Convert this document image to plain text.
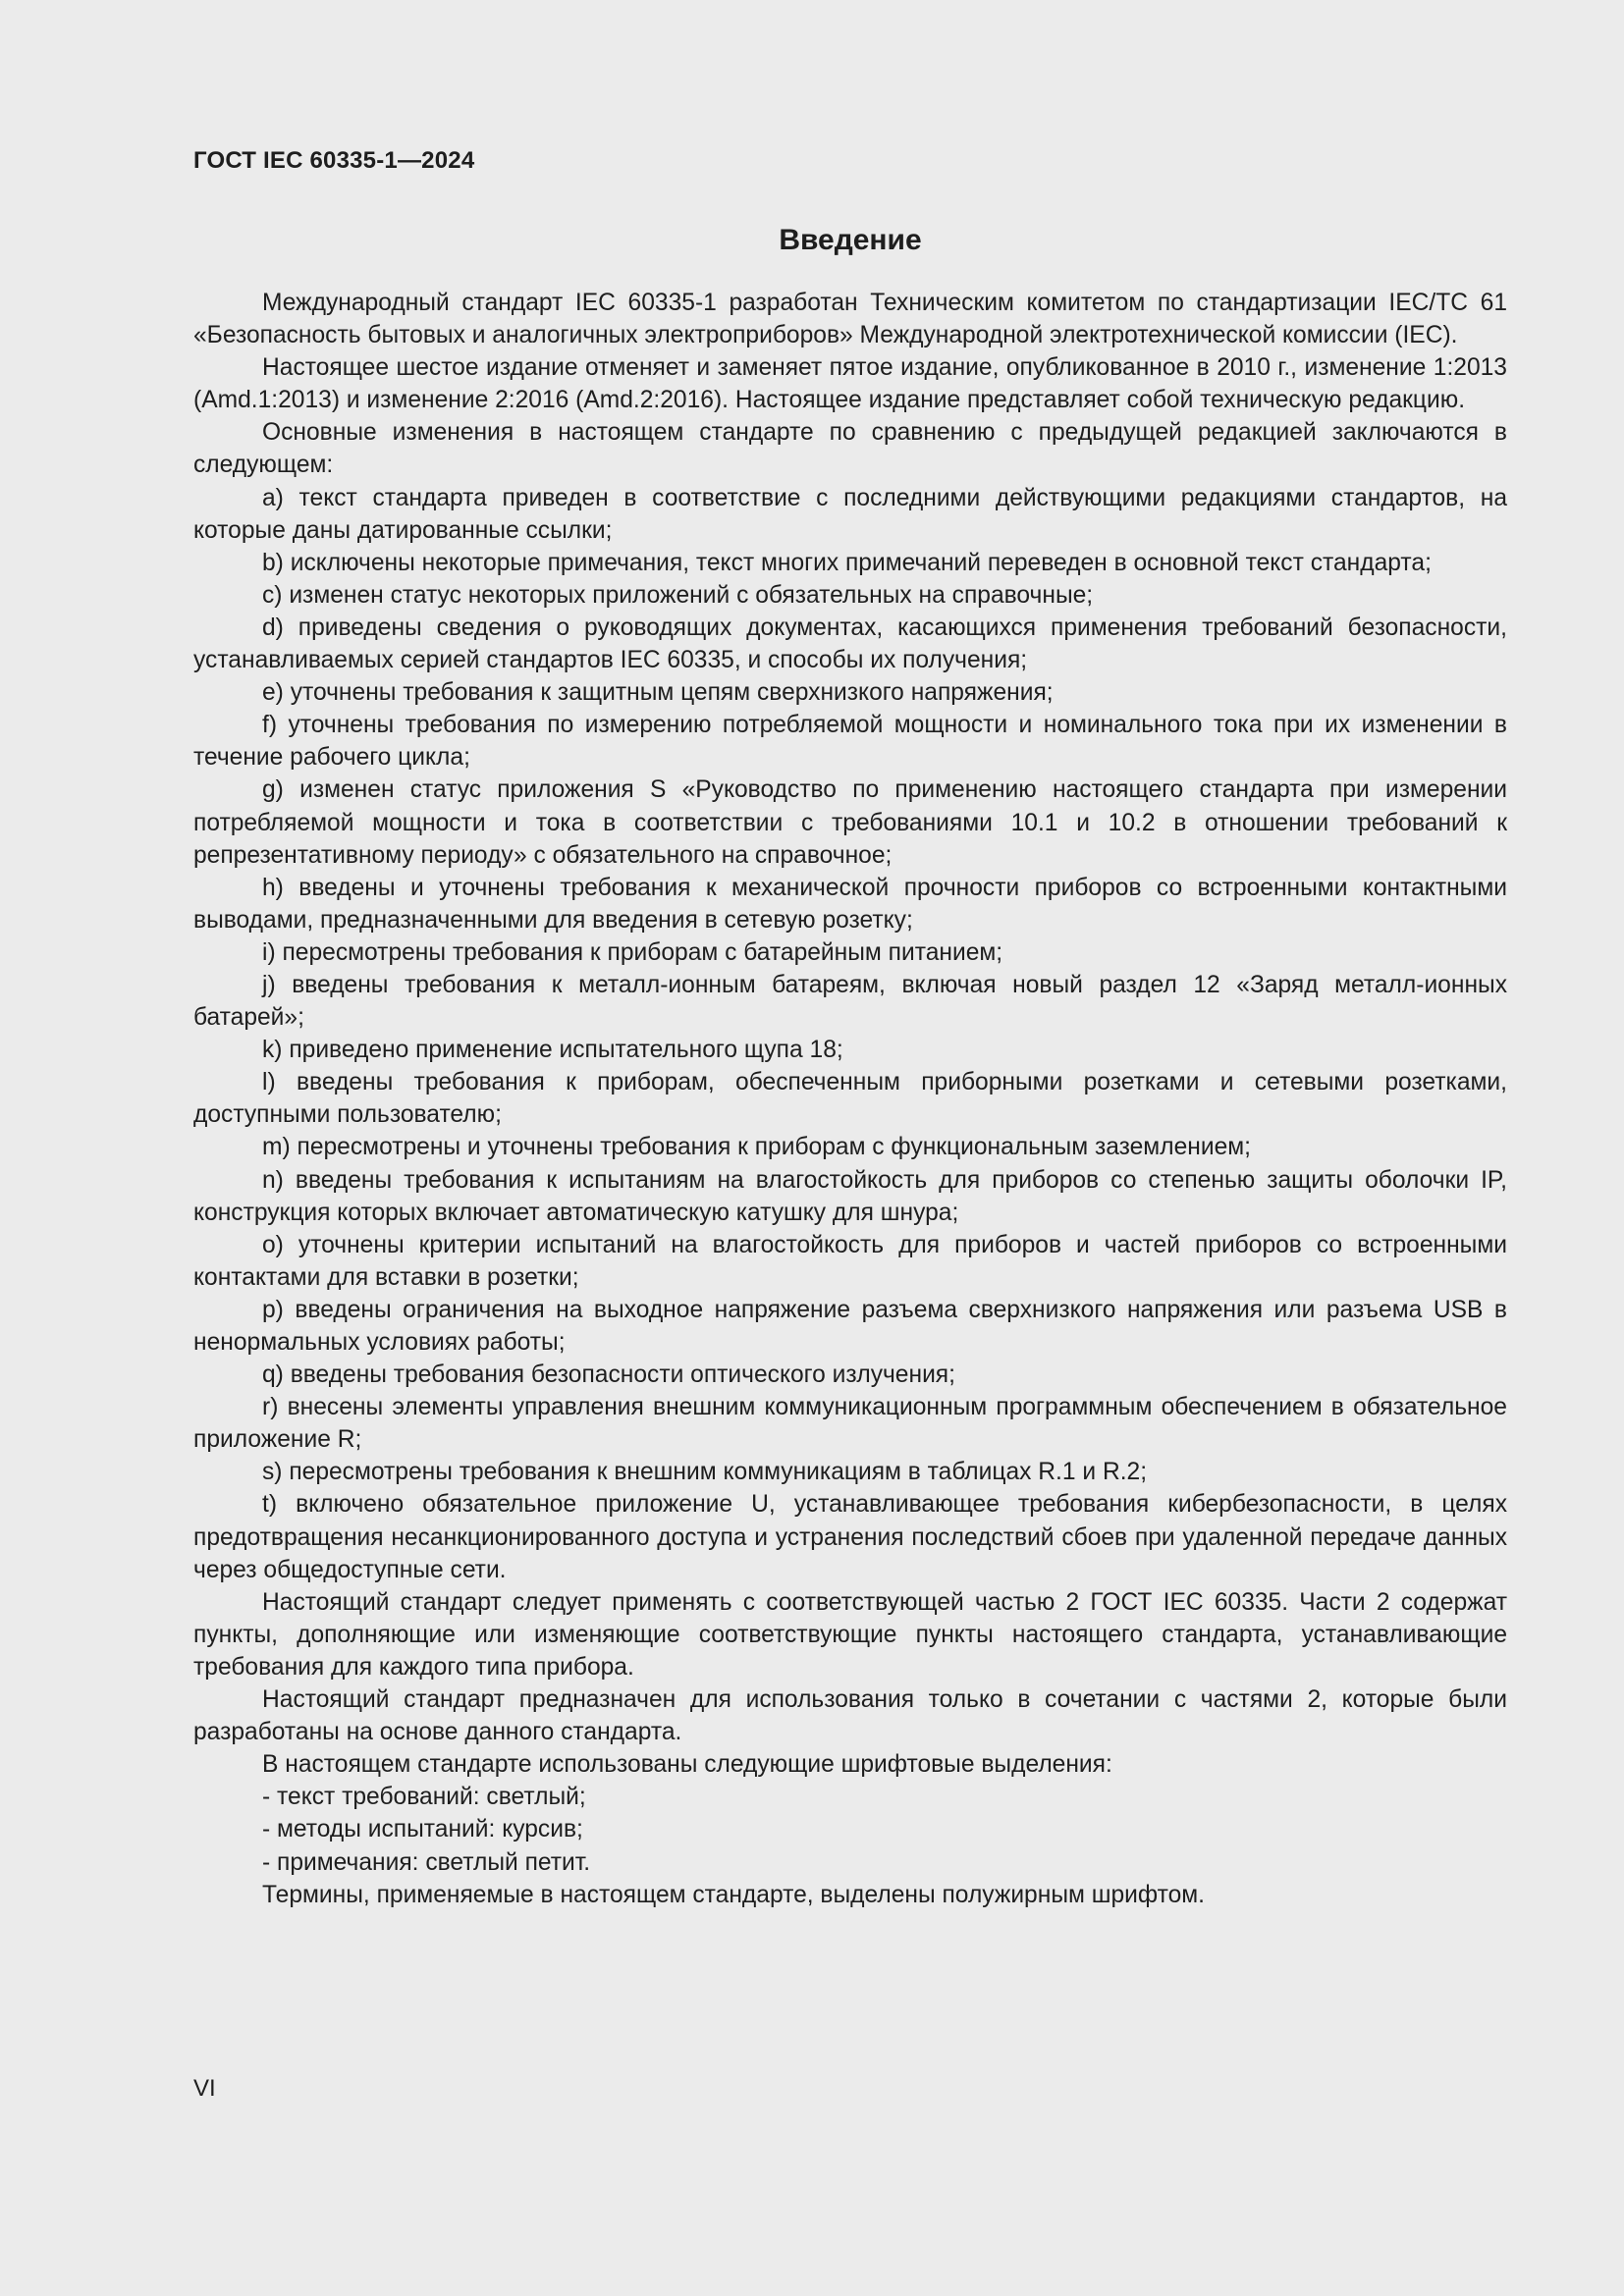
ГОСТ IEC 60335-1—2024
Введение

Международный стандарт IEC 60335-1 разработан Техническим комитетом по стандартизации IEC/TC 61 «Безопасность бытовых и аналогичных электроприборов» Международной электротехнической комиссии (IEC).

Настоящее шестое издание отменяет и заменяет пятое издание, опубликованное в 2010 г., изменение 1:2013 (Amd.1:2013) и изменение 2:2016 (Amd.2:2016). Настоящее издание представляет собой техническую редакцию.

Основные изменения в настоящем стандарте по сравнению с предыдущей редакцией заключаются в следующем:

a) текст стандарта приведен в соответствие с последними действующими редакциями стандартов, на которые даны датированные ссылки;

b) исключены некоторые примечания, текст многих примечаний переведен в основной текст стандарта;

c) изменен статус некоторых приложений с обязательных на справочные;

d) приведены сведения о руководящих документах, касающихся применения требований безопасности, устанавливаемых серией стандартов IEC 60335, и способы их получения;

e) уточнены требования к защитным цепям сверхнизкого напряжения;

f) уточнены требования по измерению потребляемой мощности и номинального тока при их изменении в течение рабочего цикла;

g) изменен статус приложения S «Руководство по применению настоящего стандарта при измерении потребляемой мощности и тока в соответствии с требованиями 10.1 и 10.2 в отношении требований к репрезентативному периоду» с обязательного на справочное;

h) введены и уточнены требования к механической прочности приборов со встроенными контактными выводами, предназначенными для введения в сетевую розетку;

i) пересмотрены требования к приборам с батарейным питанием;

j) введены требования к металл-ионным батареям, включая новый раздел 12 «Заряд металл-ионных батарей»;

k) приведено применение испытательного щупа 18;

l) введены требования к приборам, обеспеченным приборными розетками и сетевыми розетками, доступными пользователю;

m) пересмотрены и уточнены требования к приборам с функциональным заземлением;

n) введены требования к испытаниям на влагостойкость для приборов со степенью защиты оболочки IP, конструкция которых включает автоматическую катушку для шнура;

o) уточнены критерии испытаний на влагостойкость для приборов и частей приборов со встроенными контактами для вставки в розетки;

p) введены ограничения на выходное напряжение разъема сверхнизкого напряжения или разъема USB в ненормальных условиях работы;

q) введены требования безопасности оптического излучения;

r) внесены элементы управления внешним коммуникационным программным обеспечением в обязательное приложение R;

s) пересмотрены требования к внешним коммуникациям в таблицах R.1 и R.2;

t) включено обязательное приложение U, устанавливающее требования кибербезопасности, в целях предотвращения несанкционированного доступа и устранения последствий сбоев при удаленной передаче данных через общедоступные сети.

Настоящий стандарт следует применять с соответствующей частью 2 ГОСТ IEC 60335. Части 2 содержат пункты, дополняющие или изменяющие соответствующие пункты настоящего стандарта, устанавливающие требования для каждого типа прибора.

Настоящий стандарт предназначен для использования только в сочетании с частями 2, которые были разработаны на основе данного стандарта.

В настоящем стандарте использованы следующие шрифтовые выделения:

- текст требований: светлый;

- методы испытаний: курсив;

- примечания: светлый петит.

Термины, применяемые в настоящем стандарте, выделены полужирным шрифтом.

VI
